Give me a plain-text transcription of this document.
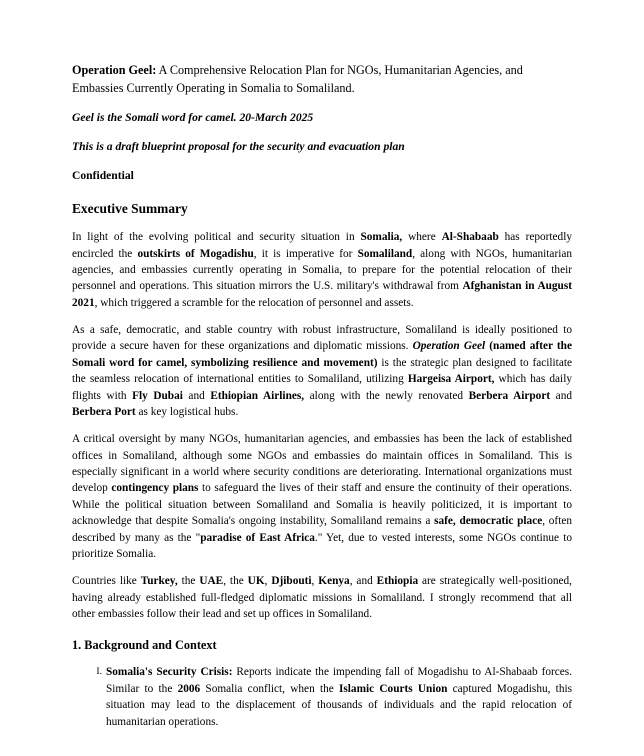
Operation Geel: A Comprehensive Relocation Plan for NGOs, Humanitarian Agencies, and Embassies Currently Operating in Somalia to Somaliland.
Geel is the Somali word for camel. 20-March 2025
This is a draft blueprint proposal for the security and evacuation plan
Confidential
Executive Summary

In light of the evolving political and security situation in Somalia, where Al-Shabaab has reportedly encircled the outskirts of Mogadishu, it is imperative for Somaliland, along with NGOs, humanitarian agencies, and embassies currently operating in Somalia, to prepare for the potential relocation of their personnel and operations. This situation mirrors the U.S. military's withdrawal from Afghanistan in August 2021, which triggered a scramble for the relocation of personnel and assets.

As a safe, democratic, and stable country with robust infrastructure, Somaliland is ideally positioned to provide a secure haven for these organizations and diplomatic missions. Operation Geel (named after the Somali word for camel, symbolizing resilience and movement) is the strategic plan designed to facilitate the seamless relocation of international entities to Somaliland, utilizing Hargeisa Airport, which has daily flights with Fly Dubai and Ethiopian Airlines, along with the newly renovated Berbera Airport and Berbera Port as key logistical hubs.

A critical oversight by many NGOs, humanitarian agencies, and embassies has been the lack of established offices in Somaliland, although some NGOs and embassies do maintain offices in Somaliland. This is especially significant in a world where security conditions are deteriorating. International organizations must develop contingency plans to safeguard the lives of their staff and ensure the continuity of their operations. While the political situation between Somaliland and Somalia is heavily politicized, it is important to acknowledge that despite Somalia's ongoing instability, Somaliland remains a safe, democratic place, often described by many as the "paradise of East Africa." Yet, due to vested interests, some NGOs continue to prioritize Somalia.

Countries like Turkey, the UAE, the UK, Djibouti, Kenya, and Ethiopia are strategically well-positioned, having already established full-fledged diplomatic missions in Somaliland. I strongly recommend that all other embassies follow their lead and set up offices in Somaliland.

1. Background and Context
Somalia's Security Crisis: Reports indicate the impending fall of Mogadishu to Al-Shabaab forces. Similar to the 2006 Somalia conflict, when the Islamic Courts Union captured Mogadishu, this situation may lead to the displacement of thousands of individuals and the rapid relocation of humanitarian operations.
